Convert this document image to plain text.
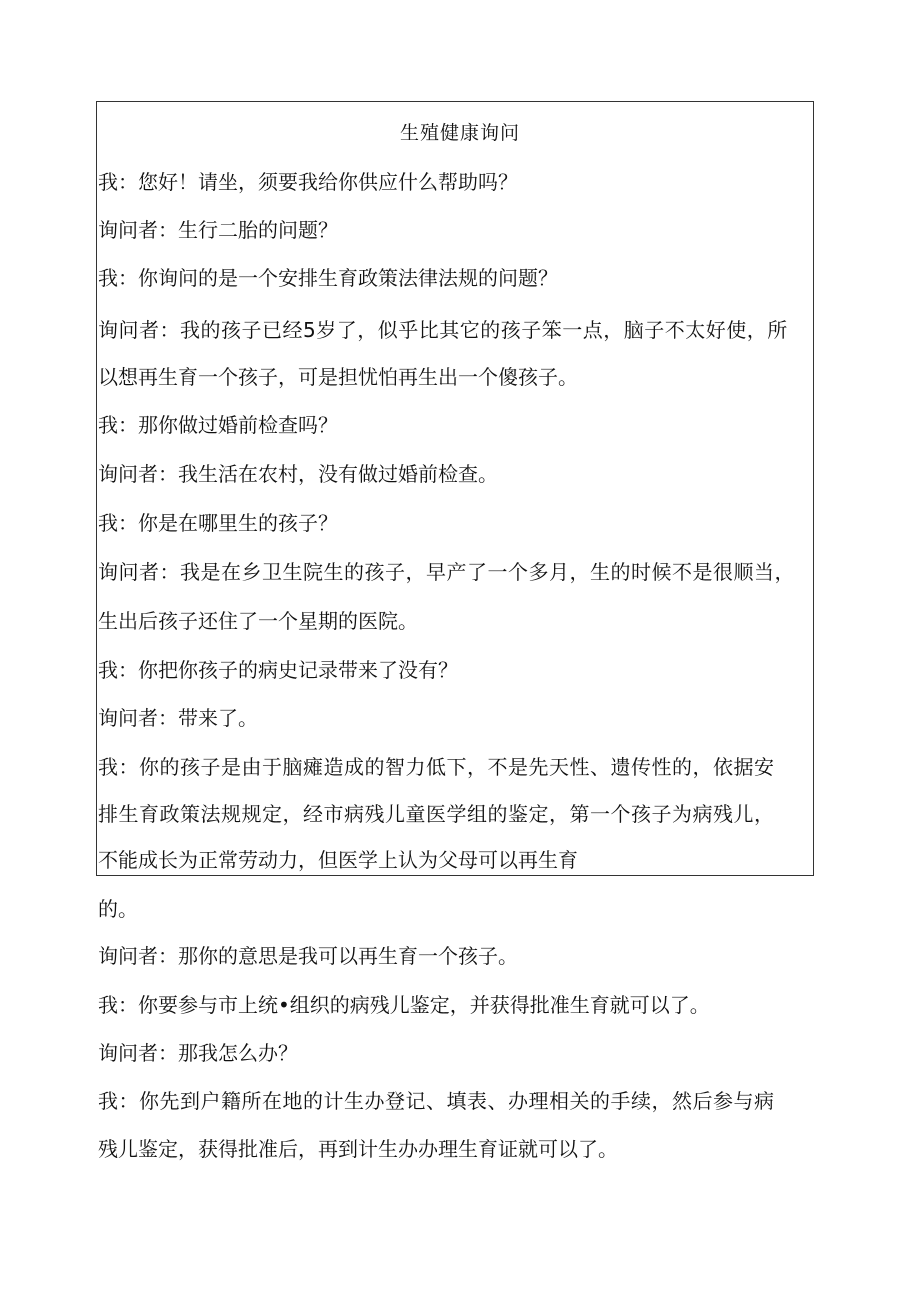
生殖健康询问
我：您好！请坐，须要我给你供应什么帮助吗？
询问者：生行二胎的问题？
我：你询问的是一个安排生育政策法律法规的问题？
询问者：我的孩子已经5岁了，似乎比其它的孩子笨一点，脑子不太好使，所
以想再生育一个孩子，可是担忧怕再生出一个傻孩子。
我：那你做过婚前检查吗？
询问者：我生活在农村，没有做过婚前检查。
我：你是在哪里生的孩子？
询问者：我是在乡卫生院生的孩子，早产了一个多月，生的时候不是很顺当，
生出后孩子还住了一个星期的医院。
我：你把你孩子的病史记录带来了没有？
询问者：带来了。
我：你的孩子是由于脑瘫造成的智力低下，不是先天性、遗传性的，依据安
排生育政策法规规定，经市病残儿童医学组的鉴定，第一个孩子为病残儿，
不能成长为正常劳动力，但医学上认为父母可以再生育
的。
询问者：那你的意思是我可以再生育一个孩子。
我：你要参与市上统•组织的病残儿鉴定，并获得批准生育就可以了。
询问者：那我怎么办？
我：你先到户籍所在地的计生办登记、填表、办理相关的手续，然后参与病
残儿鉴定，获得批准后，再到计生办办理生育证就可以了。
